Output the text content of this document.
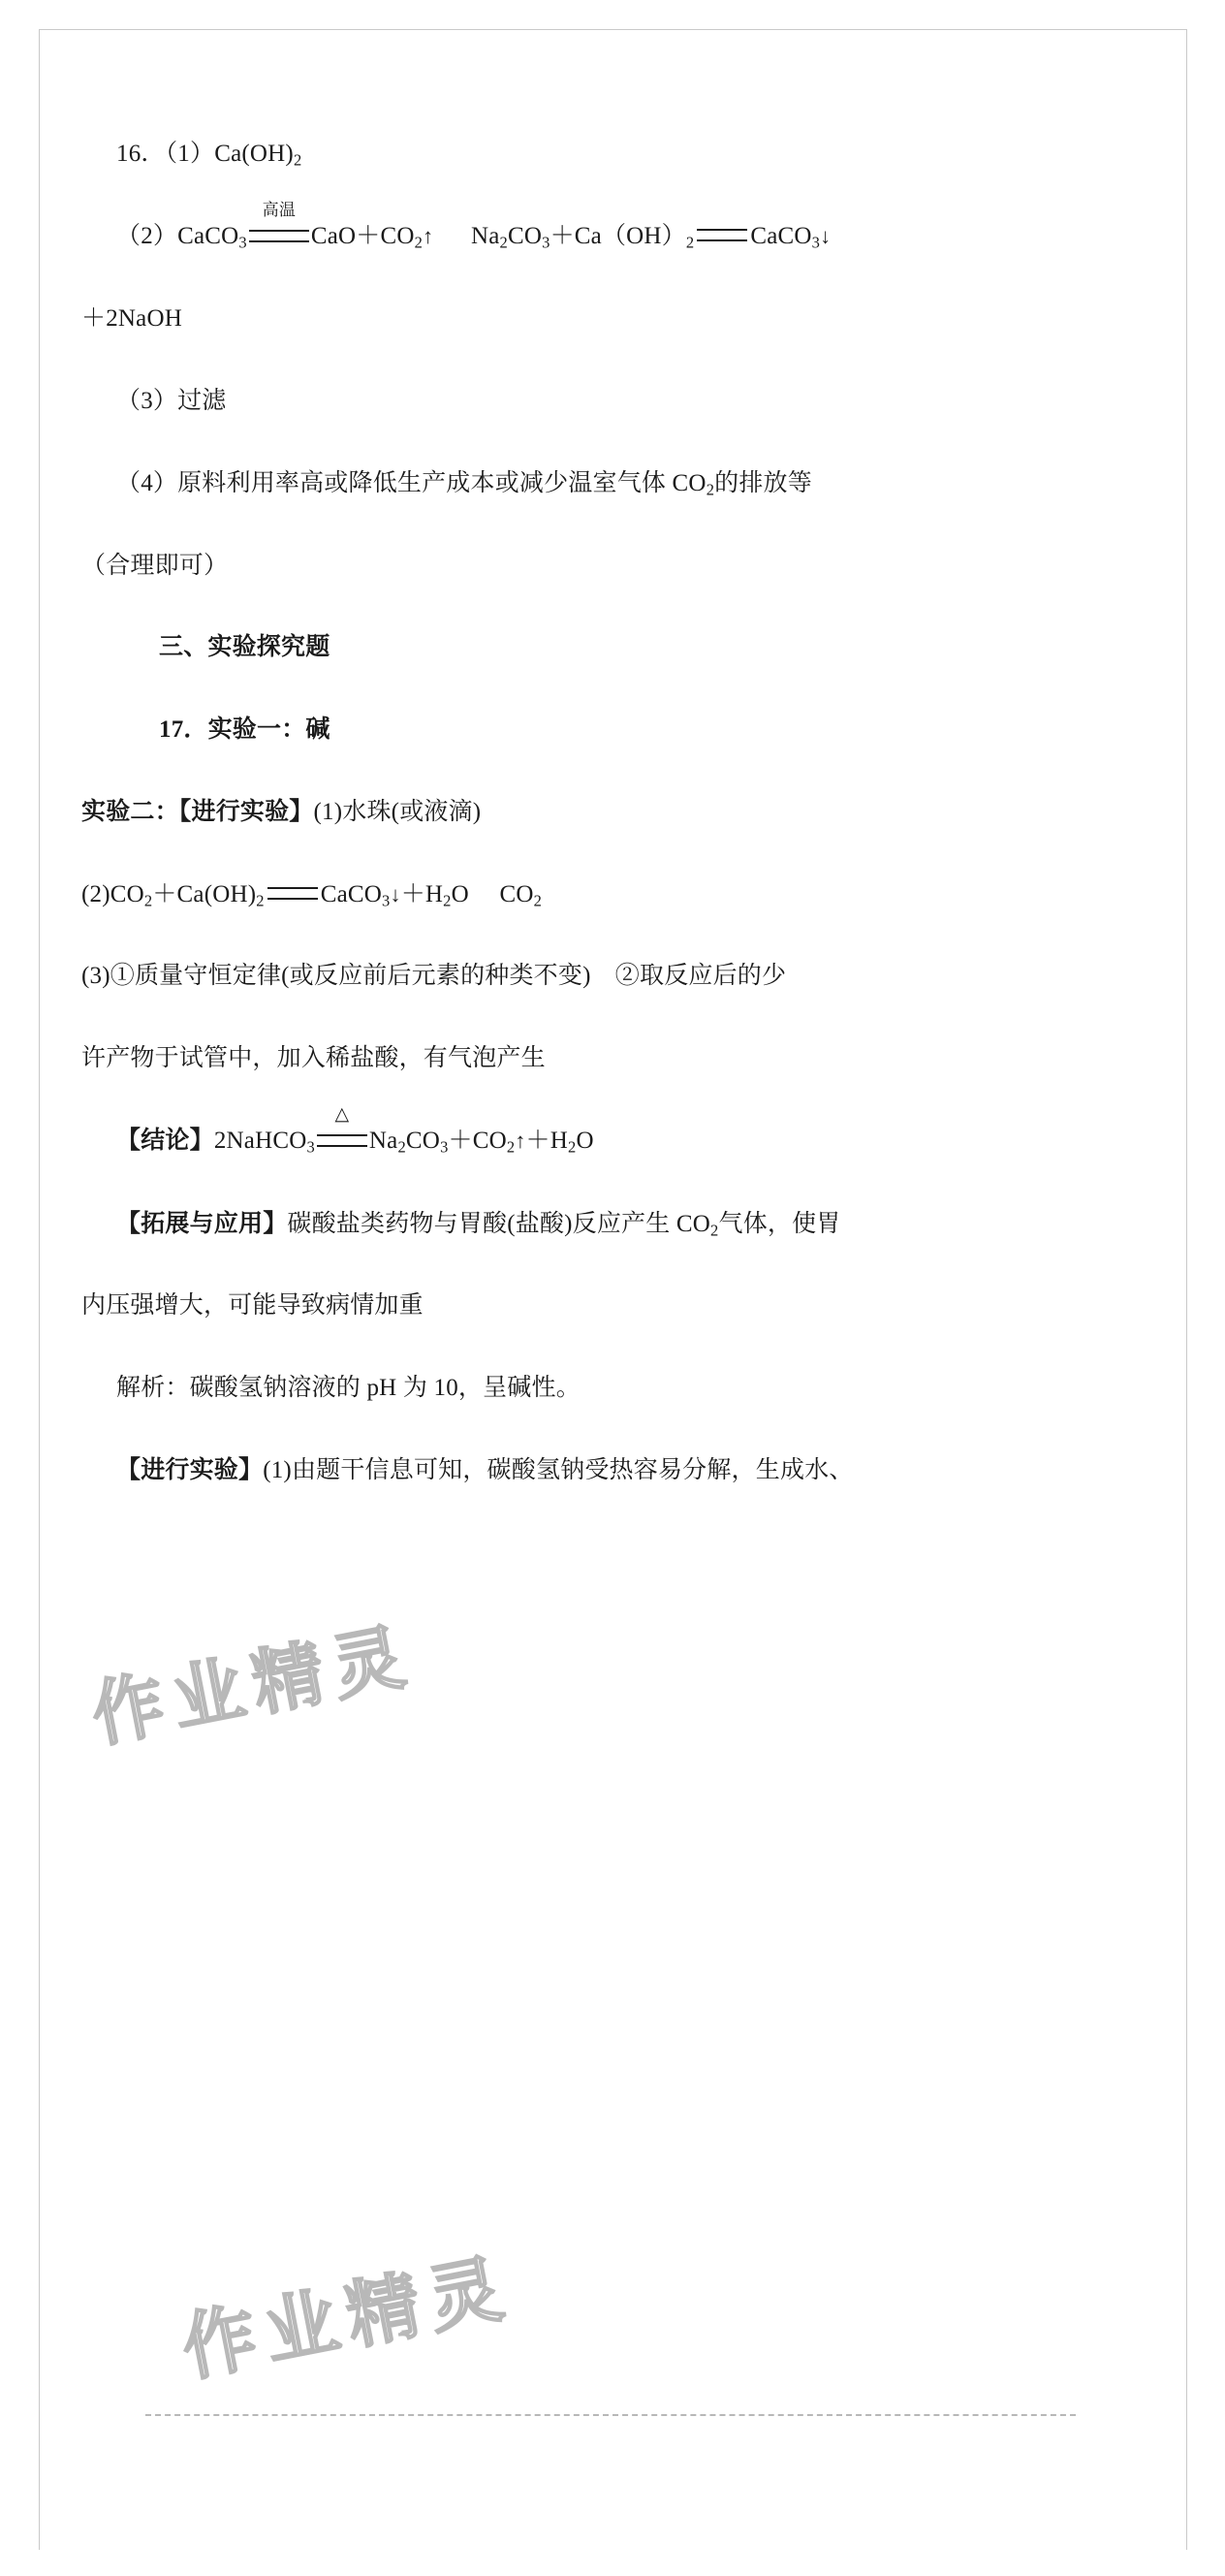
16．$(1)Ca(OH)_2$

（2）CaCO$_3$
高温
$CaO+CO_2↑$ $Na_2CO_3+Ca(OH)_2$ CaCO$_3$↓

＋2NaOH

（3）过滤

（4）原料利用率高或降低生产成本或减少温室气体 $CO_2$的排放等

（合理即可）

三、实验探究题

17．实验一：碱

实验二：【进行实验】(1)水珠(或液滴)

$(2)CO_2+Ca(OH)_2$ $CaCO_3↓+H_2O$　 $CO_2$

(3)①质量守恒定律(或反应前后元素的种类不变)　②取反应后的少

许产物于试管中，加入稀盐酸，有气泡产生

【结论】2NaHCO$_3$
△
$Na_2CO_3+CO_2↑+H_2O$

【拓展与应用】碳酸盐类药物与胃酸(盐酸)反应产生 $CO_2$气体，使胃

内压强增大，可能导致病情加重

解析：碳酸氢钠溶液的 pH 为 10，呈碱性。

【进行实验】(1)由题干信息可知，碳酸氢钠受热容易分解，生成水、

作业精灵
作业精灵
